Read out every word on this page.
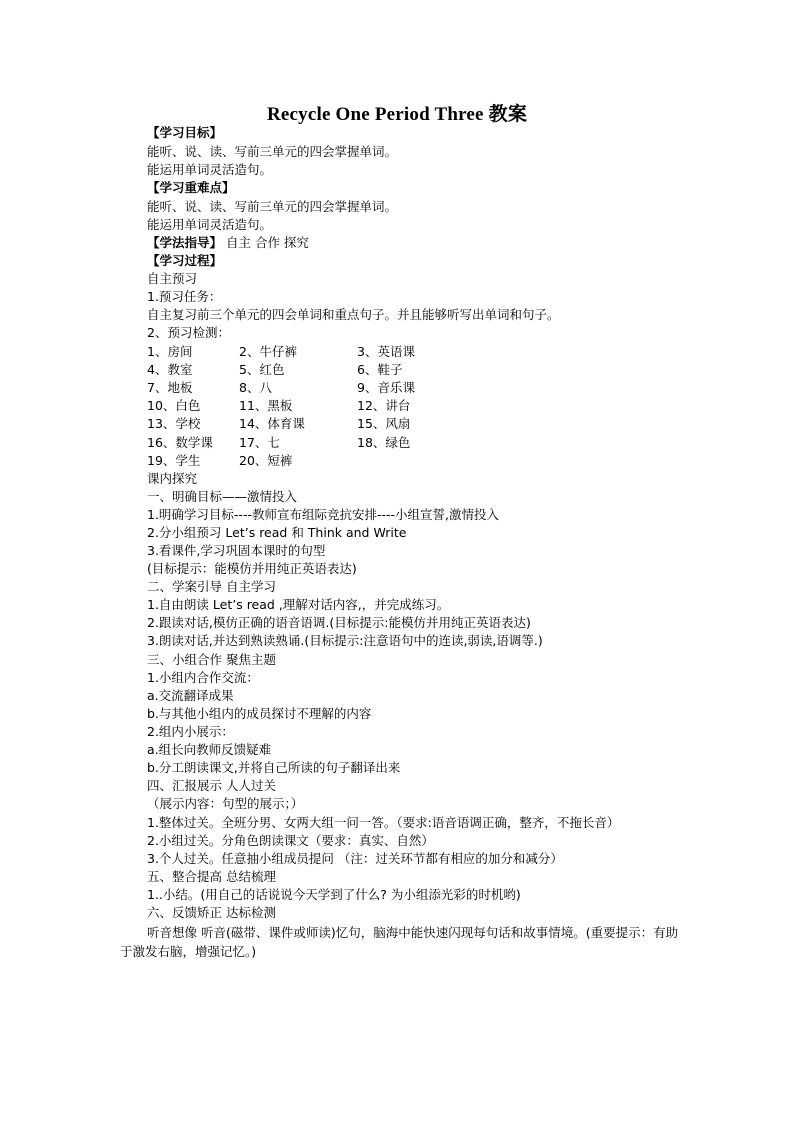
Recycle One Period Three 教案
【学习目标】
能听、说、读、写前三单元的四会掌握单词。
能运用单词灵活造句。
【学习重难点】
能听、说、读、写前三单元的四会掌握单词。
能运用单词灵活造句。
【学法指导】 自主 合作 探究
【学习过程】
自主预习
1.预习任务：
自主复习前三个单元的四会单词和重点句子。并且能够听写出单词和句子。
2、预习检测：
1、房间	2、牛仔裤	3、英语课
4、教室	5、红色	6、鞋子
7、地板	8、八	9、音乐课
10、白色	11、黑板	12、讲台
13、学校	14、体育课	15、风扇
16、数学课 17、七	18、绿色
19、学生	20、短裤
课内探究
一、明确目标——激情投入
1.明确学习目标----教师宣布组际竞抗安排----小组宣誓,激情投入
2.分小组预习 Let’s read 和 Think and Write
3.看课件,学习巩固本课时的句型
(目标提示：能模仿并用纯正英语表达)
二、学案引导 自主学习
1.自由朗读 Let’s read ,理解对话内容,，并完成练习。
2.跟读对话,模仿正确的语音语调.(目标提示:能模仿并用纯正英语表达)
3.朗读对话,并达到熟读熟诵.(目标提示:注意语句中的连读,弱读,语调等.)
三、小组合作 聚焦主题
1.小组内合作交流：
a.交流翻译成果
b.与其他小组内的成员探讨不理解的内容
2.组内小展示：
a.组长向教师反馈疑难
b.分工朗读课文,并将自己所读的句子翻译出来
四、汇报展示 人人过关
（展示内容：句型的展示；）
1.整体过关。全班分男、女两大组一问一答。（要求:语音语调正确，整齐，不拖长音）
2.小组过关。分角色朗读课文（要求：真实、自然）
3.个人过关。任意抽小组成员提问 （注：过关环节都有相应的加分和减分）
五、整合提高 总结梳理
1..小结。(用自己的话说说今天学到了什么? 为小组添光彩的时机哟)
六、反馈矫正 达标检测
听音想像 听音(磁带、课件或师读)忆句，脑海中能快速闪现每句话和故事情境。(重要提示：有助于激发右脑，增强记忆。)
